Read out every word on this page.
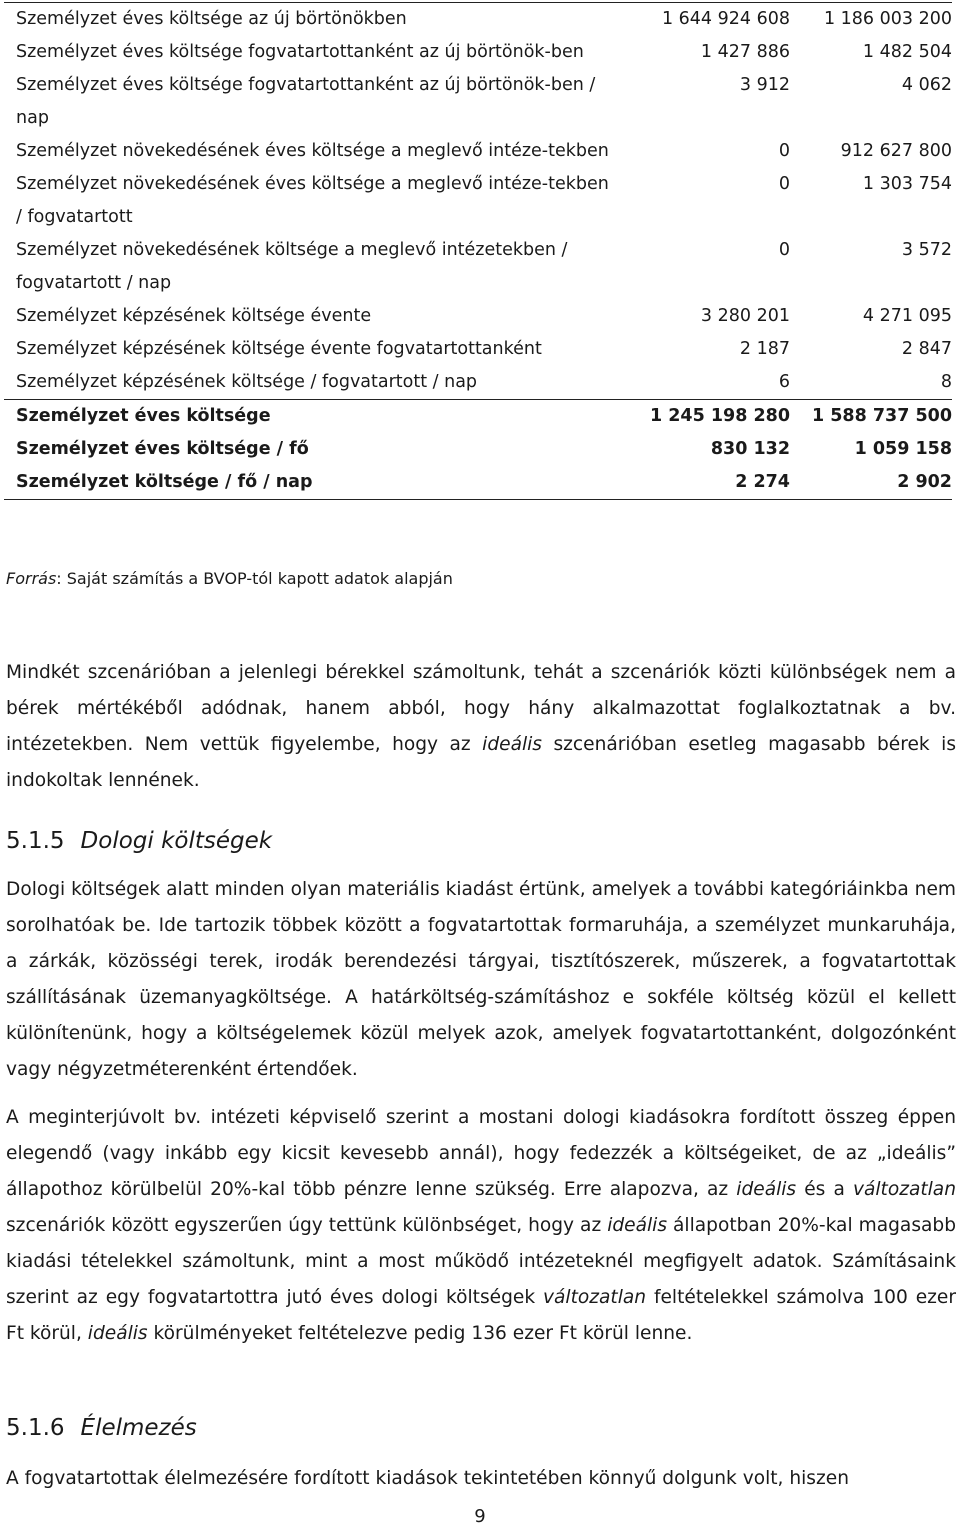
Személyzet éves költsége az új börtönökben	1 644 924 608	1 186 003 200
Személyzet éves költsége fogvatartottanként az új börtönök-ben	1 427 886	1 482 504
Személyzet éves költsége fogvatartottanként az új börtönök-ben / nap	3 912	4 062
Személyzet növekedésének éves költsége a meglevő intéze-tekben	0	912 627 800
Személyzet növekedésének éves költsége a meglevő intéze-tekben / fogvatartott	0	1 303 754
Személyzet növekedésének költsége a meglevő intézetekben / fogvatartott / nap	0	3 572
Személyzet képzésének költsége évente	3 280 201	4 271 095
Személyzet képzésének költsége évente fogvatartottanként	2 187	2 847
Személyzet képzésének költsége / fogvatartott / nap	6	8
Személyzet éves költsége	1 245 198 280	1 588 737 500
Személyzet éves költsége / fő	830 132	1 059 158
Személyzet költsége / fő / nap	2 274	2 902
Forrás: Saját számítás a BVOP-tól kapott adatok alapján

Mindkét szcenárióban a jelenlegi bérekkel számoltunk, tehát a szcenáriók közti különbségek nem a bérek mértékéből adódnak, hanem abból, hogy hány alkalmazottat foglalkoztatnak a bv. intézetekben. Nem vettük figyelembe, hogy az ideális szcenárióban esetleg magasabb bérek is indokoltak lennének.

5.1.5 Dologi költségek

Dologi költségek alatt minden olyan materiális kiadást értünk, amelyek a további kategóriáinkba nem sorolhatóak be. Ide tartozik többek között a fogvatartottak formaruhája, a személyzet munkaruhája, a zárkák, közösségi terek, irodák berendezési tárgyai, tisztítószerek, műszerek, a fogvatartottak szállításának üzemanyagköltsége. A határköltség-számításhoz e sokféle költség közül el kellett különítenünk, hogy a költségelemek közül melyek azok, amelyek fogvatartottanként, dolgozónként vagy négyzetméterenként értendőek.

A meginterjúvolt bv. intézeti képviselő szerint a mostani dologi kiadásokra fordított összeg éppen elegendő (vagy inkább egy kicsit kevesebb annál), hogy fedezzék a költségeiket, de az „ideális” állapothoz körülbelül 20%-kal több pénzre lenne szükség. Erre alapozva, az ideális és a változatlan szcenáriók között egyszerűen úgy tettünk különbséget, hogy az ideális állapotban 20%-kal magasabb kiadási tételekkel számoltunk, mint a most működő intézeteknél megfigyelt adatok. Számításaink szerint az egy fogvatartottra jutó éves dologi költségek változatlan feltételekkel számolva 100 ezer Ft körül, ideális körülményeket feltételezve pedig 136 ezer Ft körül lenne.

5.1.6 Élelmezés

A fogvatartottak élelmezésére fordított kiadások tekintetében könnyű dolgunk volt, hiszen

9
